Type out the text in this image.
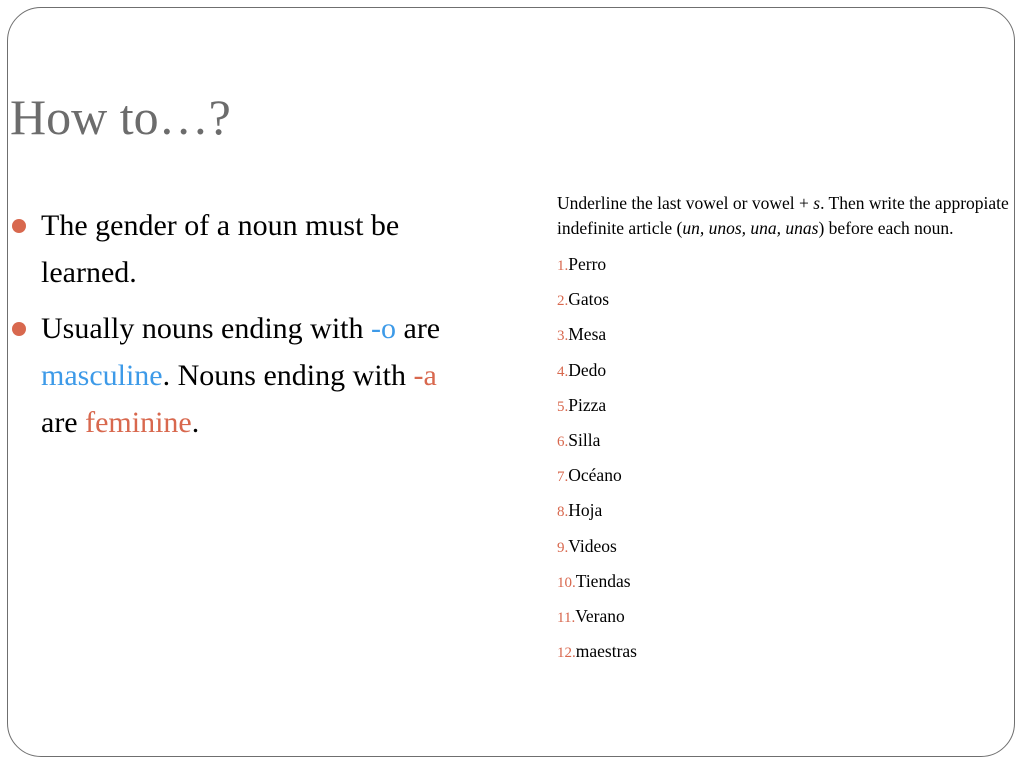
How to…?
The gender of a noun must be learned.
Usually nouns ending with -o are masculine. Nouns ending with -a are feminine.

Underline the last vowel or vowel + s. Then write the appropiate indefinite article (un, unos, una, unas) before each noun.

1.Perro
2.Gatos
3.Mesa
4.Dedo
5.Pizza
6.Silla
7.Océano
8.Hoja
9.Videos
10.Tiendas
11.Verano
12.maestras
